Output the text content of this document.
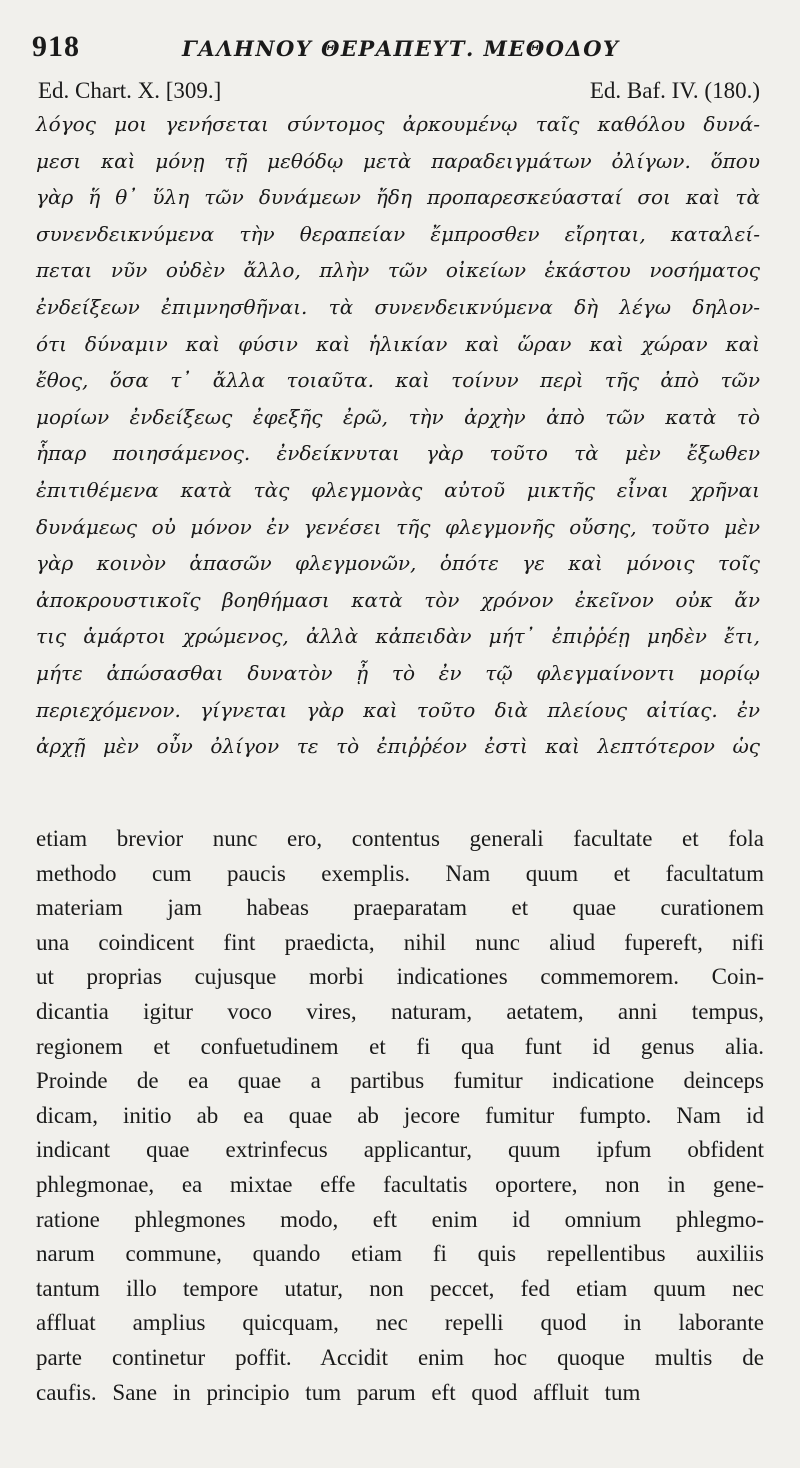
918	ΓΑΛΗΝΟΥ ΘΕΡΑΠΕΥΤ. ΜΕΘΟΔΟΥ
Ed. Chart. X. [309.]	Ed. Baf. IV. (180.)
λόγος μοι γενήσεται σύντομος ἀρκουμένῳ ταῖς καθόλου δυνά-
μεσι καὶ μόνῃ τῇ μεθόδῳ μετὰ παραδειγμάτων ὀλίγων. ὅπου
γὰρ ἥ θ᾽ ὕλη τῶν δυνάμεων ἤδη προπαρεσκεύασταί σοι καὶ τὰ
συνενδεικνύμενα τὴν θεραπείαν ἔμπροσθεν εἴρηται, καταλεί-
πεται νῦν οὐδὲν ἄλλο, πλὴν τῶν οἰκείων ἑκάστου νοσήματος
ἐνδείξεων ἐπιμνησθῆναι. τὰ συνενδεικνύμενα δὴ λέγω δηλον-
ότι δύναμιν καὶ φύσιν καὶ ἡλικίαν καὶ ὥραν καὶ χώραν καὶ
ἔθος, ὅσα τ᾽ ἄλλα τοιαῦτα. καὶ τοίνυν περὶ τῆς ἀπὸ τῶν
μορίων ἐνδείξεως ἐφεξῆς ἐρῶ, τὴν ἀρχὴν ἀπὸ τῶν κατὰ τὸ
ἧπαρ ποιησάμενος. ἐνδείκνυται γὰρ τοῦτο τὰ μὲν ἔξωθεν
ἐπιτιθέμενα κατὰ τὰς φλεγμονὰς αὐτοῦ μικτῆς εἶναι χρῆναι
δυνάμεως οὐ μόνον ἐν γενέσει τῆς φλεγμονῆς οὔσης, τοῦτο μὲν
γὰρ κοινὸν ἁπασῶν φλεγμονῶν, ὁπότε γε καὶ μόνοις τοῖς
ἀποκρουστικοῖς βοηθήμασι κατὰ τὸν χρόνον ἐκεῖνον οὐκ ἄν
τις ἁμάρτοι χρώμενος, ἀλλὰ κἀπειδὰν μήτ᾽ ἐπιῤῥέῃ μηδὲν ἔτι,
μήτε ἀπώσασθαι δυνατὸν ᾖ τὸ ἐν τῷ φλεγμαίνοντι μορίῳ
περιεχόμενον. γίγνεται γὰρ καὶ τοῦτο διὰ πλείους αἰτίας. ἐν
ἀρχῇ μὲν οὖν ὀλίγον τε τὸ ἐπιῤῥέον ἐστὶ καὶ λεπτότερον ὡς
etiam brevior nunc ero, contentus generali facultate et fola
methodo cum paucis exemplis. Nam quum et facultatum
materiam jam habeas praeparatam et quae curationem
una coindicent fint praedicta, nihil nunc aliud fupereft, nifi
ut proprias cujusque morbi indicationes commemorem. Coin-
dicantia igitur voco vires, naturam, aetatem, anni tempus,
regionem et confuetudinem et fi qua funt id genus alia.
Proinde de ea quae a partibus fumitur indicatione deinceps
dicam, initio ab ea quae ab jecore fumitur fumpto. Nam id
indicant quae extrinfecus applicantur, quum ipfum obfident
phlegmonae, ea mixtae effe facultatis oportere, non in gene-
ratione phlegmones modo, eft enim id omnium phlegmo-
narum commune, quando etiam fi quis repellentibus auxiliis
tantum illo tempore utatur, non peccet, fed etiam quum nec
affluat amplius quicquam, nec repelli quod in laborante
parte continetur poffit. Accidit enim hoc quoque multis de
caufis. Sane in principio tum parum eft quod affluit tum
